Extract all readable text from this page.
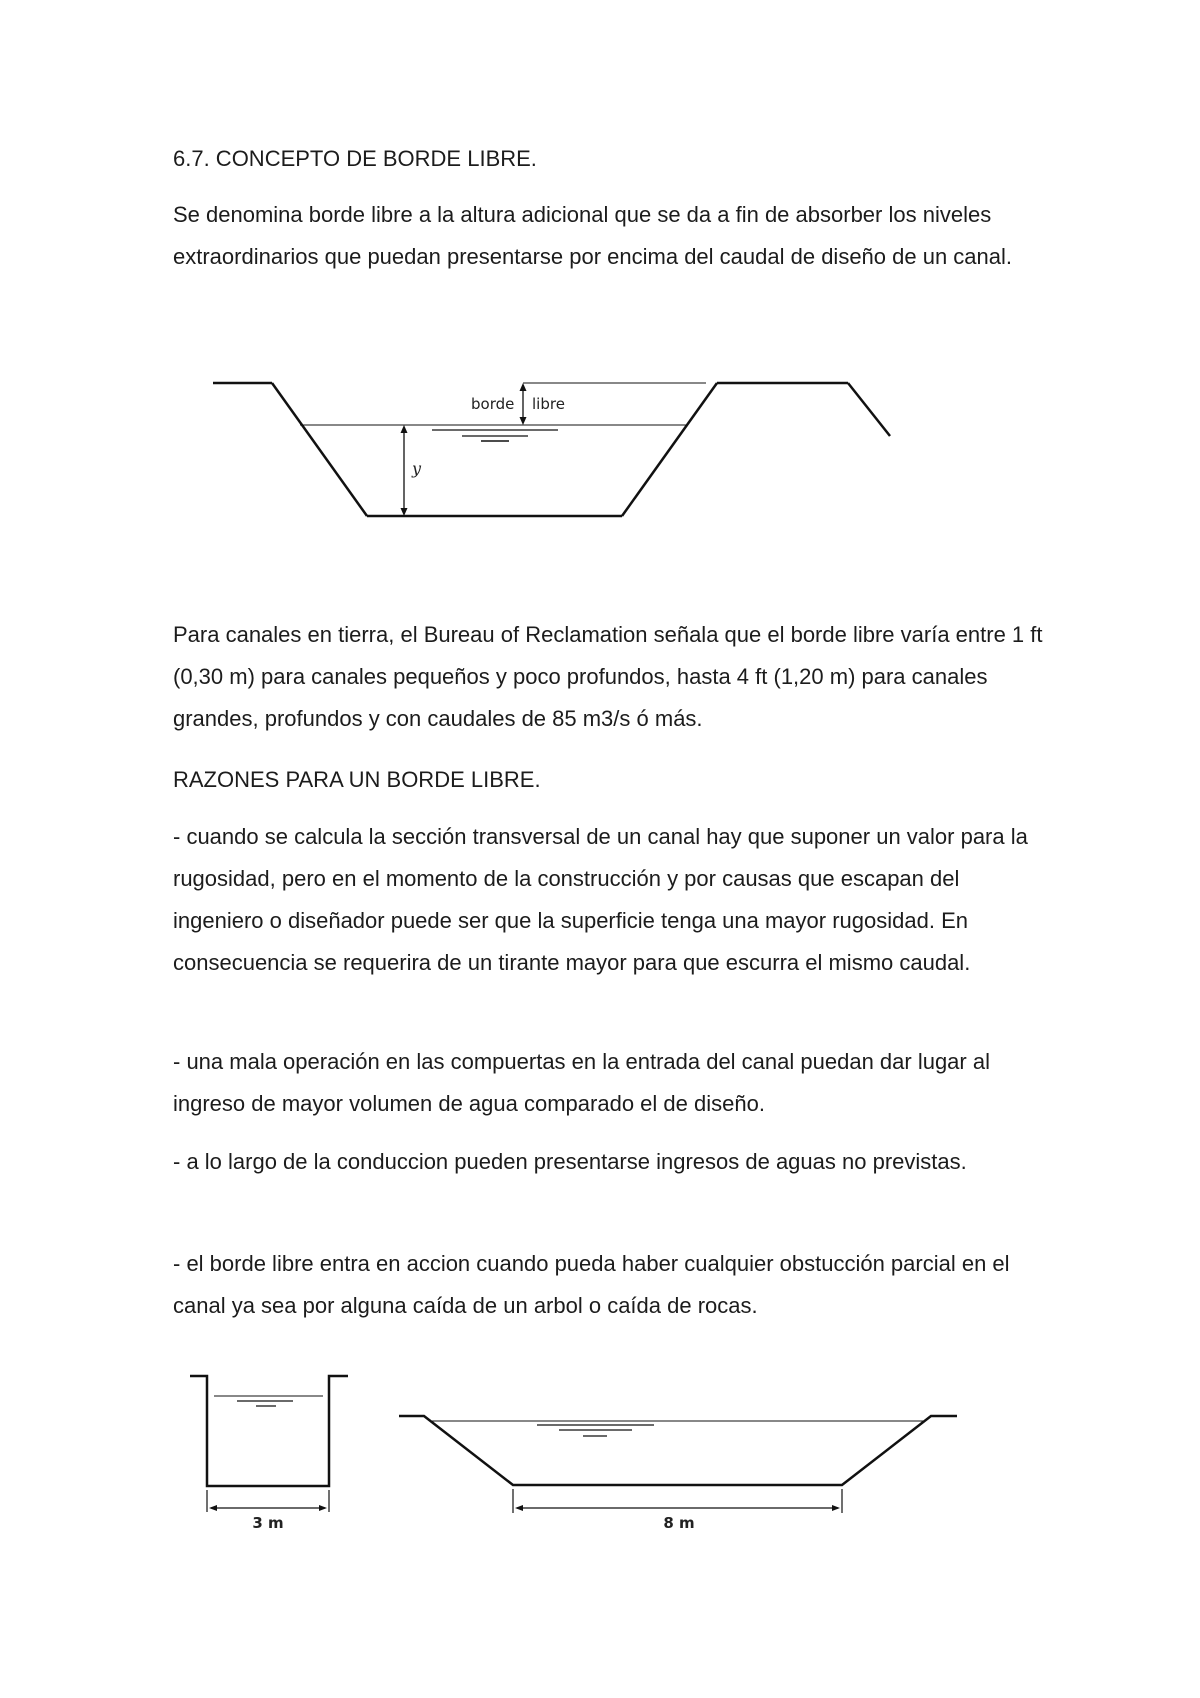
6.7. CONCEPTO DE BORDE LIBRE.

Se denomina borde libre a la altura adicional que se da a fin de absorber los niveles extraordinarios que puedan presentarse por encima del caudal de diseño de un canal.

borde libre
y

Para canales en tierra, el Bureau of Reclamation señala que el borde libre varía entre 1 ft (0,30 m) para canales pequeños y poco profundos, hasta 4 ft (1,20 m) para canales grandes, profundos y con caudales de 85 m3/s ó más.

RAZONES PARA UN BORDE LIBRE.

- cuando se calcula la sección transversal de un canal hay que suponer un valor para la rugosidad, pero en el momento de la construcción y por causas que escapan del ingeniero o diseñador puede ser que la superficie tenga una mayor rugosidad. En consecuencia se requerira de un tirante mayor para que escurra el mismo caudal.

- una mala operación en las compuertas en la entrada del canal puedan dar lugar al ingreso de mayor volumen de agua comparado el de diseño.

- a lo largo de la conduccion pueden presentarse ingresos de aguas no previstas.

- el borde libre entra en accion cuando pueda haber cualquier obstucción parcial en el canal ya sea por alguna caída de un arbol o caída de rocas.

3 m	8 m
